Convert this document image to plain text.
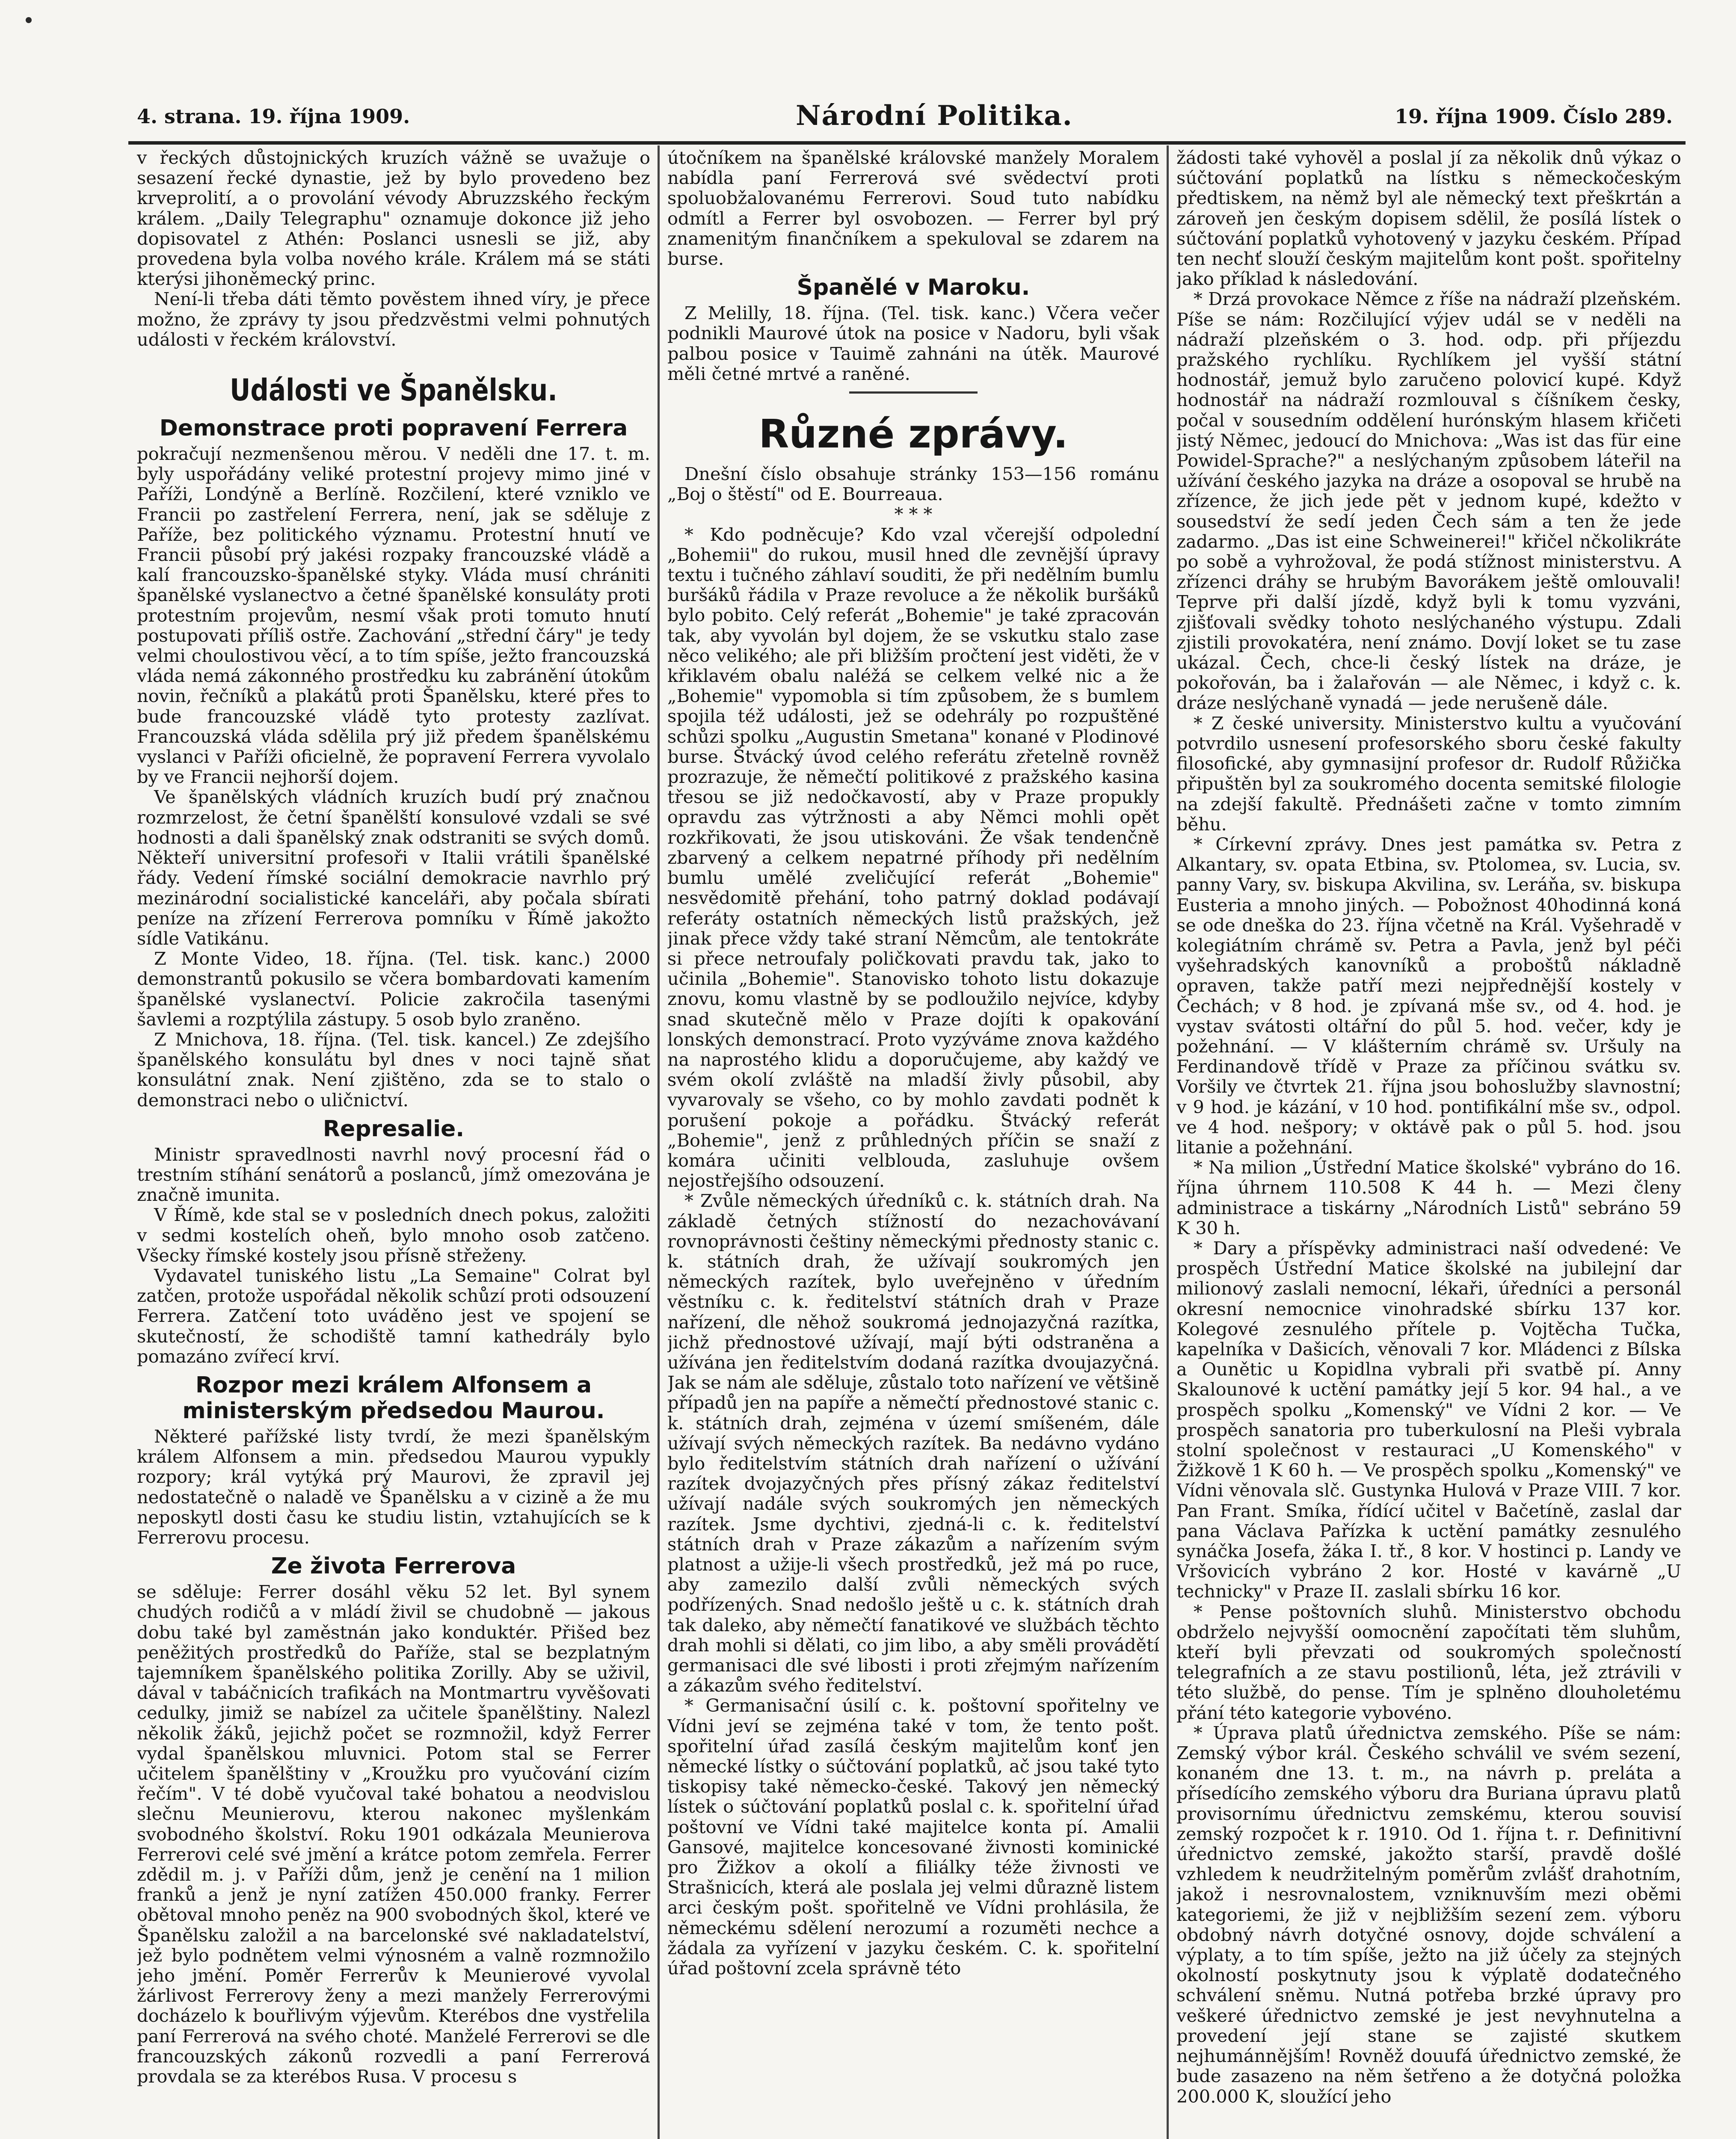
4. strana. 19. října 1909.	Národní Politika.	19. října 1909. Číslo 289.

v řeckých důstojnických kruzích vážně se uvažuje o sesazení řecké dynastie, jež by bylo provedeno bez krveprolití, a o provolání vévody Abruzzského řeckým králem. „Daily Telegraphu" oznamuje dokonce již jeho dopisovatel z Athén: Poslanci usnesli se již, aby provedena byla volba nového krále. Králem má se státi kterýsi jihoněmecký princ.

Není-li třeba dáti těmto pověstem ihned víry, je přece možno, že zprávy ty jsou předzvěstmi velmi pohnutých události v řeckém království.

Události ve Španělsku.
Demonstrace proti popravení Ferrera

pokračují nezmenšenou měrou. V neděli dne 17. t. m. byly uspořádány veliké protestní projevy mimo jiné v Paříži, Londýně a Berlíně. Rozčilení, které vzniklo ve Francii po zastřelení Ferrera, není, jak se sděluje z Paříže, bez politického významu. Protestní hnutí ve Francii působí prý jakési rozpaky francouzské vládě a kalí francouzsko-španělské styky. Vláda musí chrániti španělské vyslanectvo a četné španělské konsuláty proti protestním projevům, nesmí však proti tomuto hnutí postupovati příliš ostře. Zachování „střední čáry" je tedy velmi choulostivou věcí, a to tím spíše, ježto francouzská vláda nemá zákonného prostředku ku zabránění útokům novin, řečníků a plakátů proti Španělsku, které přes to bude francouzské vládě tyto protesty zazlívat. Francouzská vláda sdělila prý již předem španělskému vyslanci v Paříži oficielně, že popravení Ferrera vyvolalo by ve Francii nejhorší dojem.

Ve španělských vládních kruzích budí prý značnou rozmrzelost, že četní španělští konsulové vzdali se své hodnosti a dali španělský znak odstraniti se svých domů. Někteří universitní profesoři v Italii vrátili španělské řády. Vedení římské sociální demokracie navrhlo prý mezinárodní socialistické kanceláři, aby počala sbírati peníze na zřízení Ferrerova pomníku v Římě jakožto sídle Vatikánu.

Z Monte Video, 18. října. (Tel. tisk. kanc.) 2000 demonstrantů pokusilo se včera bombardovati kamením španělské vyslanectví. Policie zakročila tasenými šavlemi a rozptýlila zástupy. 5 osob bylo zraněno.

Z Mnichova, 18. října. (Tel. tisk. kancel.) Ze zdejšího španělského konsulátu byl dnes v noci tajně sňat konsulátní znak. Není zjištěno, zda se to stalo o demonstraci nebo o uličnictví.

Represalie.

Ministr spravedlnosti navrhl nový procesní řád o trestním stíhání senátorů a poslanců, jímž omezována je značně imunita.

V Římě, kde stal se v posledních dnech pokus, založiti v sedmi kostelích oheň, bylo mnoho osob zatčeno. Všecky římské kostely jsou přísně střeženy.

Vydavatel tuniského listu „La Semaine" Colrat byl zatčen, protože uspořádal několik schůzí proti odsouzení Ferrera. Zatčení toto uváděno jest ve spojení se skutečností, že schodiště tamní kathedrály bylo pomazáno zvířecí krví.

Rozpor mezi králem Alfonsem a ministerským předsedou Maurou.

Některé pařížské listy tvrdí, že mezi španělským králem Alfonsem a min. předsedou Maurou vypukly rozpory; král vytýká prý Maurovi, že zpravil jej nedostatečně o naladě ve Španělsku a v cizině a že mu neposkytl dosti času ke studiu listin, vztahujících se k Ferrerovu procesu.

Ze života Ferrerova

se sděluje: Ferrer dosáhl věku 52 let. Byl synem chudých rodičů a v mládí živil se chudobně — jakous dobu také byl zaměstnán jako konduktér. Přišed bez peněžitých prostředků do Paříže, stal se bezplatným tajemníkem španělského politika Zorilly. Aby se uživil, dával v tabáčnicích trafikách na Montmartru vyvěšovati cedulky, jimiž se nabízel za učitele španělštiny. Nalezl několik žáků, jejichž počet se rozmnožil, když Ferrer vydal španělskou mluvnici. Potom stal se Ferrer učitelem španělštiny v „Kroužku pro vyučování cizím řečím". V té době vyučoval také bohatou a neodvislou slečnu Meunierovu, kterou nakonec myšlenkám svobodného školství. Roku 1901 odkázala Meunierova Ferrerovi celé své jmění a krátce potom zemřela. Ferrer zdědil m. j. v Paříži dům, jenž je cenění na 1 milion franků a jenž je nyní zatížen 450.000 franky. Ferrer obětoval mnoho peněz na 900 svobodných škol, které ve Španělsku založil a na barcelonské své nakladatelství, jež bylo podnětem velmi výnosném a valně rozmnožilo jeho jmění. Poměr Ferrerův k Meunierové vyvolal žárlivost Ferrerovy ženy a mezi manžely Ferrerovými docházelo k bouřlivým výjevům. Kterébos dne vystřelila paní Ferrerová na svého choté. Manželé Ferrerovi se dle francouzských zákonů rozvedli a paní Ferrerová provdala se za kterébos Rusa. V procesu s

útočníkem na španělské královské manžely Moralem nabídla paní Ferrerová své svědectví proti spoluobžalovanému Ferrerovi. Soud tuto nabídku odmítl a Ferrer byl osvobozen. — Ferrer byl prý znamenitým finančníkem a spekuloval se zdarem na burse.

Španělé v Maroku.

Z Melilly, 18. října. (Tel. tisk. kanc.) Včera večer podnikli Maurové útok na posice v Nadoru, byli však palbou posice v Tauimě zahnáni na útěk. Maurové měli četné mrtvé a raněné.

Různé zprávy.

Dnešní číslo obsahuje stránky 153—156 románu „Boj o štěstí" od E. Bourreaua.

* * *

* Kdo podněcuje? Kdo vzal včerejší odpolední „Bohemii" do rukou, musil hned dle zevnější úpravy textu i tučného záhlaví souditi, že při nedělním bumlu buršáků řádila v Praze revoluce a že několik buršáků bylo pobito. Celý referát „Bohemie" je také zpracován tak, aby vyvolán byl dojem, že se vskutku stalo zase něco velikého; ale při bližším pročtení jest viděti, že v křiklavém obalu naléžá se celkem velké nic a že „Bohemie" vypomobla si tím způsobem, že s bumlem spojila též události, jež se odehrály po rozpuštěné schůzi spolku „Augustin Smetana" konané v Plodinové burse. Štvácký úvod celého referátu zřetelně rovněž prozrazuje, že němečtí politikové z pražského kasina třesou se již nedočkavostí, aby v Praze propukly opravdu zas výtržnosti a aby Němci mohli opět rozkřikovati, že jsou utiskováni. Že však tendenčně zbarvený a celkem nepatrné příhody při nedělním bumlu umělé zveličující referát „Bohemie" nesvědomitě přehání, toho patrný doklad podávají referáty ostatních německých listů pražských, jež jinak přece vždy také straní Němcům, ale tentokráte si přece netroufaly poličkovati pravdu tak, jako to učinila „Bohemie". Stanovisko tohoto listu dokazuje znovu, komu vlastně by se podloužilo nejvíce, kdyby snad skutečně mělo v Praze dojíti k opakování lonských demonstrací. Proto vyzýváme znova každého na naprostého klidu a doporučujeme, aby každý ve svém okolí zvláště na mladší živly působil, aby vyvarovaly se všeho, co by mohlo zavdati podnět k porušení pokoje a pořádku. Štvácký referát „Bohemie", jenž z průhledných příčin se snaží z komára učiniti velblouda, zasluhuje ovšem nejostřejšího odsouzení.

* Zvůle německých úředníků c. k. státních drah. Na základě četných stížností do nezachovávaní rovnoprávnosti češtiny německými přednosty stanic c. k. státních drah, že užívají soukromých jen německých razítek, bylo uveřejněno v úředním věstníku c. k. ředitelství státních drah v Praze nařízení, dle něhož soukromá jednojazyčná razítka, jichž přednostové užívají, mají býti odstraněna a užívána jen ředitelstvím dodaná razítka dvoujazyčná. Jak se nám ale sděluje, zůstalo toto nařízení ve většině případů jen na papíře a němečtí přednostové stanic c. k. státních drah, zejména v území smíšeném, dále užívají svých německých razítek. Ba nedávno vydáno bylo ředitelstvím státních drah nařízení o užívání razítek dvojazyčných přes přísný zákaz ředitelství užívají nadále svých soukromých jen německých razítek. Jsme dychtivi, zjedná-li c. k. ředitelství státních drah v Praze zákazům a nařízením svým platnost a užije-li všech prostředků, jež má po ruce, aby zamezilo další zvůli německých svých podřízených. Snad nedošlo ještě u c. k. státních drah tak daleko, aby němečtí fanatikové ve službách těchto drah mohli si dělati, co jim libo, a aby směli provádětí germanisaci dle své libosti i proti zřejmým nařízením a zákazům svého ředitelství.

* Germanisační úsilí c. k. poštovní spořitelny ve Vídni jeví se zejména také v tom, že tento pošt. spořitelní úřad zasílá českým majitelům konť jen německé lístky o súčtování poplatků, ač jsou také tyto tiskopisy také německo-české. Takový jen německý lístek o súčtování poplatků poslal c. k. spořitelní úřad poštovní ve Vídni také majitelce konta pí. Amalii Gansové, majitelce koncesované živnosti kominické pro Žižkov a okolí a filiálky téže živnosti ve Strašnicích, která ale poslala jej velmi důrazně listem arci českým pošt. spořitelně ve Vídni prohlásila, že německému sdělení nerozumí a rozuměti nechce a žádala za vyřízení v jazyku českém. C. k. spořitelní úřad poštovní zcela správně této

žádosti také vyhověl a poslal jí za několik dnů výkaz o súčtování poplatků na lístku s německočeským předtiskem, na němž byl ale německý text přeškrtán a zároveň jen českým dopisem sdělil, že posílá lístek o súčtování poplatků vyhotovený v jazyku českém. Případ ten nechť slouží českým majitelům kont pošt. spořitelny jako příklad k následování.

* Drzá provokace Němce z říše na nádraží plzeňském. Píše se nám: Rozčilující výjev udál se v neděli na nádraží plzeňském o 3. hod. odp. při příjezdu pražského rychlíku. Rychlíkem jel vyšší státní hodnostář, jemuž bylo zaručeno polovicí kupé. Když hodnostář na nádraží rozmlouval s číšníkem česky, počal v sousedním oddělení hurónským hlasem křičeti jistý Němec, jedoucí do Mnichova: „Was ist das für eine Powidel-Sprache?" a neslýchaným způsobem láteřil na užívání českého jazyka na dráze a osopoval se hrubě na zřízence, že jich jede pět v jednom kupé, kdežto v sousedství že sedí jeden Čech sám a ten že jede zadarmo. „Das ist eine Schweinerei!" křičel nčkolikráte po sobě a vyhrožoval, že podá stížnost ministerstvu. A zřízenci dráhy se hrubým Bavorákem ještě omlouvali! Teprve při další jízdě, když byli k tomu vyzváni, zjišťovali svědky tohoto neslýchaného výstupu. Zdali zjistili provokatéra, není známo. Dovjí loket se tu zase ukázal. Čech, chce-li český lístek na dráze, je pokořován, ba i žalařován — ale Němec, i když c. k. dráze neslýchaně vynadá — jede nerušeně dále.

* Z české university. Ministerstvo kultu a vyučování potvrdilo usnesení profesorského sboru české fakulty filosofické, aby gymnasijní profesor dr. Rudolf Růžička připuštěn byl za soukromého docenta semitské filologie na zdejší fakultě. Přednášeti začne v tomto zimním běhu.

* Církevní zprávy. Dnes jest památka sv. Petra z Alkantary, sv. opata Etbina, sv. Ptolomea, sv. Lucia, sv. panny Vary, sv. biskupa Akvilina, sv. Leráňa, sv. biskupa Eusteria a mnoho jiných. — Pobožnost 40hodinná koná se ode dneška do 23. října včetně na Král. Vyšehradě v kolegiátním chrámě sv. Petra a Pavla, jenž byl péči vyšehradských kanovníků a proboštů nákladně opraven, takže patří mezi nejpřednější kostely v Čechách; v 8 hod. je zpívaná mše sv., od 4. hod. je vystav svátosti oltářní do půl 5. hod. večer, kdy je požehnání. — V klášterním chrámě sv. Uršuly na Ferdinandově třídě v Praze za příčinou svátku sv. Voršily ve čtvrtek 21. října jsou bohoslužby slavnostní; v 9 hod. je kázání, v 10 hod. pontifikální mše sv., odpol. ve 4 hod. nešpory; v oktávě pak o půl 5. hod. jsou litanie a požehnání.

* Na milion „Ústřední Matice školské" vybráno do 16. října úhrnem 110.508 K 44 h. — Mezi členy administrace a tiskárny „Národních Listů" sebráno 59 K 30 h.

* Dary a příspěvky administraci naší odvedené: Ve prospěch Ústřední Matice školské na jubilejní dar milionový zaslali nemocní, lékaři, úředníci a personál okresní nemocnice vinohradské sbírku 137 kor. Kolegové zesnulého přítele p. Vojtěcha Tučka, kapelníka v Dašicích, věnovali 7 kor. Mládenci z Bílska a Ounětic u Kopidlna vybrali při svatbě pí. Anny Skalounové k uctění památky její 5 kor. 94 hal., a ve prospěch spolku „Komenský" ve Vídni 2 kor. — Ve prospěch sanatoria pro tuberkulosní na Pleši vybrala stolní společnost v restauraci „U Komenského" v Žižkově 1 K 60 h. — Ve prospěch spolku „Komenský" ve Vídni věnovala slč. Gustynka Hulová v Praze VIII. 7 kor. Pan Frant. Smíka, řídící učitel v Bačetíně, zaslal dar pana Václava Pařízka k uctění památky zesnulého synáčka Josefa, žáka I. tř., 8 kor. V hostinci p. Landy ve Vršovicích vybráno 2 kor. Hosté v kavárně „U technicky" v Praze II. zaslali sbírku 16 kor.

* Pense poštovních sluhů. Ministerstvo obchodu obdrželo nejvyšší oomocnění započítati těm sluhům, kteří byli převzati od soukromých společností telegrafních a ze stavu postilionů, léta, jež ztrávili v této službě, do pense. Tím je splněno dlouholetému přání této kategorie vybovéno.

* Úprava platů úřednictva zemského. Píše se nám: Zemský výbor král. Českého schválil ve svém sezení, konaném dne 13. t. m., na návrh p. preláta a přísedícího zemského výboru dra Buriana úpravu platů provisornímu úřednictvu zemskému, kterou souvisí zemský rozpočet k r. 1910. Od 1. října t. r. Definitivní úřednictvo zemské, jakožto starší, pravdě došlé vzhledem k neudržitelným poměrům zvlášť drahotním, jakož i nesrovnalostem, vzniknuvším mezi oběmi kategoriemi, že již v nejbližším sezení zem. výboru obdobný návrh dotyčné osnovy, dojde schválení a výplaty, a to tím spíše, ježto na již účely za stejných okolností poskytnuty jsou k výplatě dodatečného schválení sněmu. Nutná potřeba brzké úpravy pro veškeré úřednictvo zemské je jest nevyhnutelna a provedení její stane se zajisté skutkem nejhumánnějším! Rovněž douufá úřednictvo zemské, že bude zasazeno na něm šetřeno a že dotyčná položka 200.000 K, sloužící jeho
